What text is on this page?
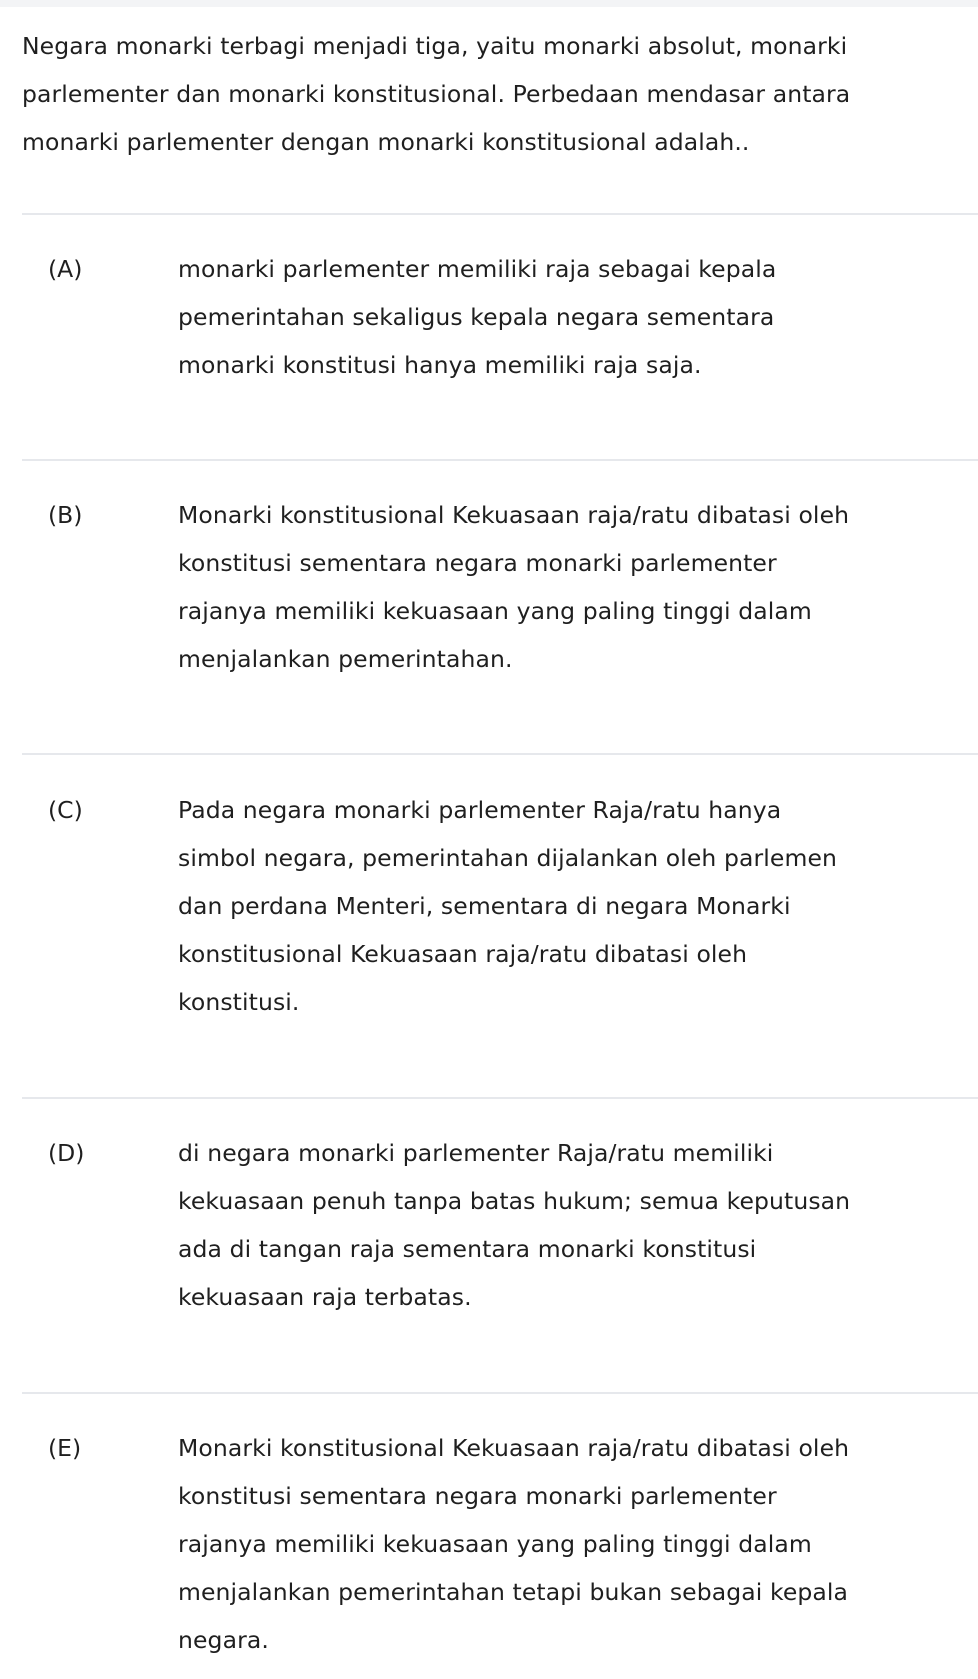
Negara monarki terbagi menjadi tiga, yaitu monarki absolut, monarki
parlementer dan monarki konstitusional. Perbedaan mendasar antara
monarki parlementer dengan monarki konstitusional adalah..
(A)	monarki parlementer memiliki raja sebagai kepala
pemerintahan sekaligus kepala negara sementara
monarki konstitusi hanya memiliki raja saja.
(B)	Monarki konstitusional Kekuasaan raja/ratu dibatasi oleh
konstitusi sementara negara monarki parlementer
rajanya memiliki kekuasaan yang paling tinggi dalam
menjalankan pemerintahan.
(C)	Pada negara monarki parlementer Raja/ratu hanya
simbol negara, pemerintahan dijalankan oleh parlemen
dan perdana Menteri, sementara di negara Monarki
konstitusional Kekuasaan raja/ratu dibatasi oleh
konstitusi.
(D)	di negara monarki parlementer Raja/ratu memiliki
kekuasaan penuh tanpa batas hukum; semua keputusan
ada di tangan raja sementara monarki konstitusi
kekuasaan raja terbatas.
(E)	Monarki konstitusional Kekuasaan raja/ratu dibatasi oleh
konstitusi sementara negara monarki parlementer
rajanya memiliki kekuasaan yang paling tinggi dalam
menjalankan pemerintahan tetapi bukan sebagai kepala
negara.
